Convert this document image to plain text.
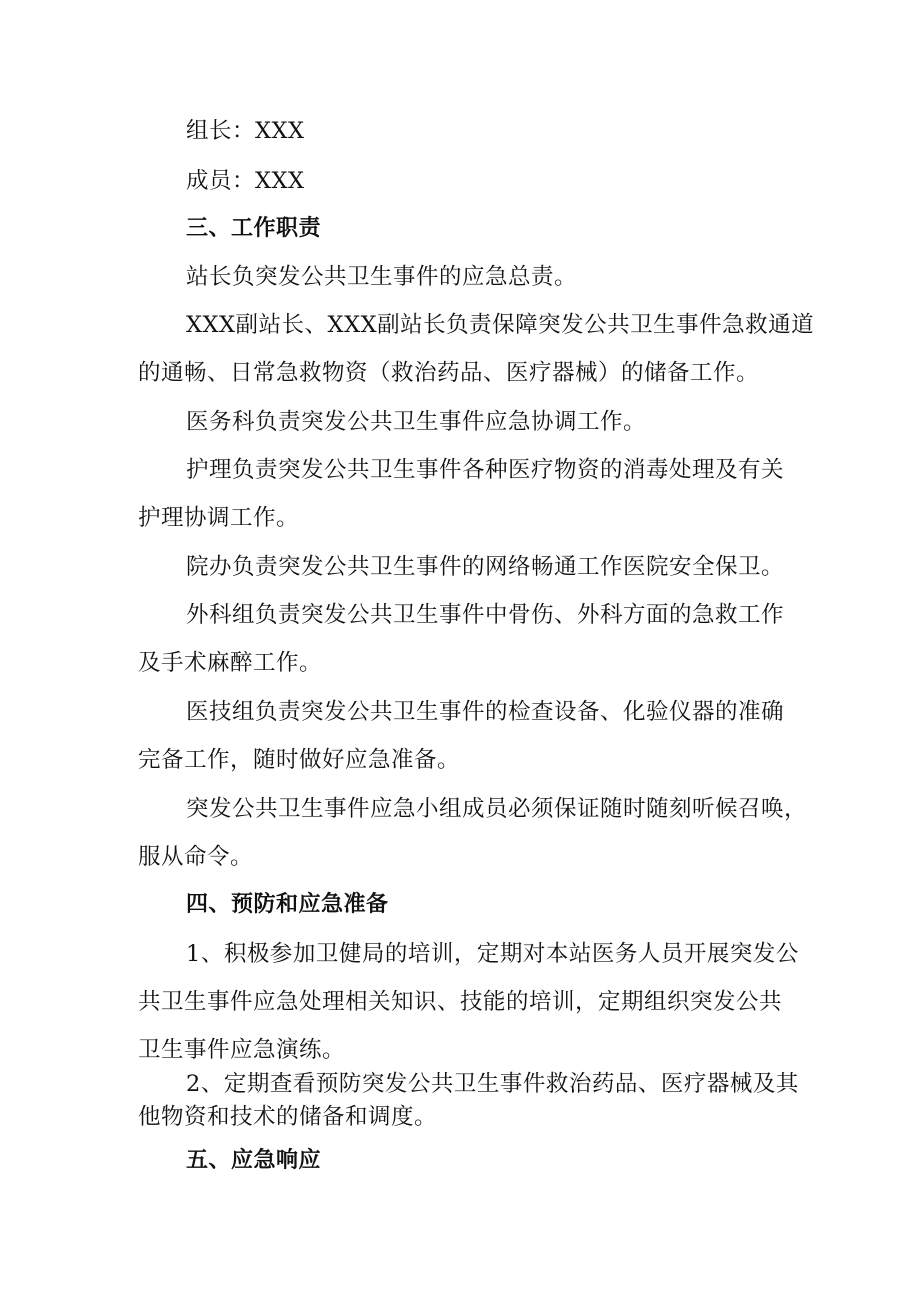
组长：XXX
成员：XXX
三、工作职责
站长负突发公共卫生事件的应急总责。
XXX副站长、XXX副站长负责保障突发公共卫生事件急救通道
的通畅、日常急救物资（救治药品、医疗器械）的储备工作。
医务科负责突发公共卫生事件应急协调工作。
护理负责突发公共卫生事件各种医疗物资的消毒处理及有关
护理协调工作。
院办负责突发公共卫生事件的网络畅通工作医院安全保卫。
外科组负责突发公共卫生事件中骨伤、外科方面的急救工作
及手术麻醉工作。
医技组负责突发公共卫生事件的检查设备、化验仪器的准确
完备工作，随时做好应急准备。
突发公共卫生事件应急小组成员必须保证随时随刻听候召唤，
服从命令。
四、预防和应急准备
1、积极参加卫健局的培训，定期对本站医务人员开展突发公
共卫生事件应急处理相关知识、技能的培训，定期组织突发公共
卫生事件应急演练。
2、定期查看预防突发公共卫生事件救治药品、医疗器械及其
他物资和技术的储备和调度。
五、应急响应
